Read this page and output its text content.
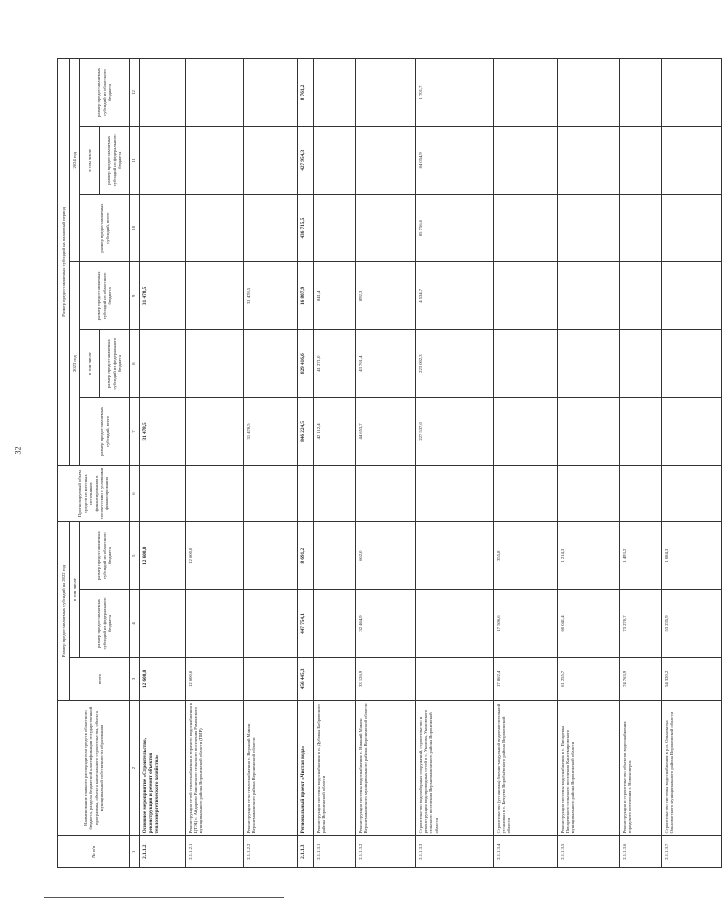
32
№ п/п	Наименование главного распорядителя средств областного бюджета, раздела бюджетной классификации государственной программы, объекта капитального строительства, объекта муниципальной собственности образования	Размер предоставляемых субсидий на 2022 год			Прогнозируемый объем средств из местных источников финансирования в соответствии с условиями финансирования	Размер предоставляемых субсидий на плановый период					
		всего	в том числе			2023 год			2024 год		
			размер предоставляемых субсидий из федерального бюджета	размер предоставляемых субсидий из областного бюджета		размер предоставляемых субсидий, всего	в том числе	размер предоставляемых субсидий из областного бюджета	размер предоставляемых субсидий, всего	в том числе	размер предоставляемых субсидий из областного бюджета
							размер предоставляемых субсидий из федерального бюджета			размер предоставляемых субсидий из федерального бюджета	
1	2	3	4	5	6	7	8	9	10	11	12
2.1.1.2	Основное мероприятие «Строительство, реконструкция и ремонт объектов теплоэнергетического хозяйства»	12 600,0		12 600,0		31 478,5		31 478,5			
2.1.1.2.1	Реконструкция сетей теплоснабжения и горячего водоснабжения в ЦТЭЦ с. Айдарово Рамонского сельского поселения Рамонского муниципального района Воронежской области (ПИР)	12 600,0		12 600,0							
2.1.1.2.2	Реконструкция сети теплоснабжения с. Верхний Мамон Верхнемамонского района Воронежской области					31 478,5		31 478,5			
2.1.1.3	Региональный проект «Чистая вода»	456 445,3	447 754,1	8 691,2		846 224,5	829 416,6	16 807,9	436 715,5	427 954,3	8 761,2
2.1.1.3.1	Реконструкция системы водоснабжения в п. Дубовка Бобровского района Воронежской области					42 112,4	41 271,0	841,4			
2.1.1.3.2	Реконструкция системы водоснабжения с. Нижний Мамон Верхнемамонского муниципального района Воронежской области	33 126,9	32 464,9	662,0		44 653,7	43 761,4	892,3			
2.1.1.3.3	Строительство водозаборных сооружений, строительство и реконструкция водопроводных сетей в с. Уколова, Уколовского сельского поселения Верхнемамонского района Воронежской области					227 537,0	223 002,3	4 534,7	85 756,6	84 054,9	1 701,7
2.1.1.3.4	Строительство (установка) блочно-модульной водоочистительной установки в с. Бечуево Воробьёвского района Воронежской области	17 862,4	17 506,6	355,8							
2.1.1.3.5	Реконструкция системы водоснабжения в с. Писаревка Писаревского сельского поселения Кантемировского муниципального района Воронежской области	61 255,7	60 041,4	1 214,3							
2.1.1.3.6	Реконструкция и строительство объектов водоснабжения городского поселения г. Новохоперск	74 763,9	73 270,7	1 493,2							
2.1.1.3.7	Строительство системы водоснабжения в р.п. Ольховатка Ольховатского муниципального района Воронежской области	54 320,2	53 235,9	1 084,3							
